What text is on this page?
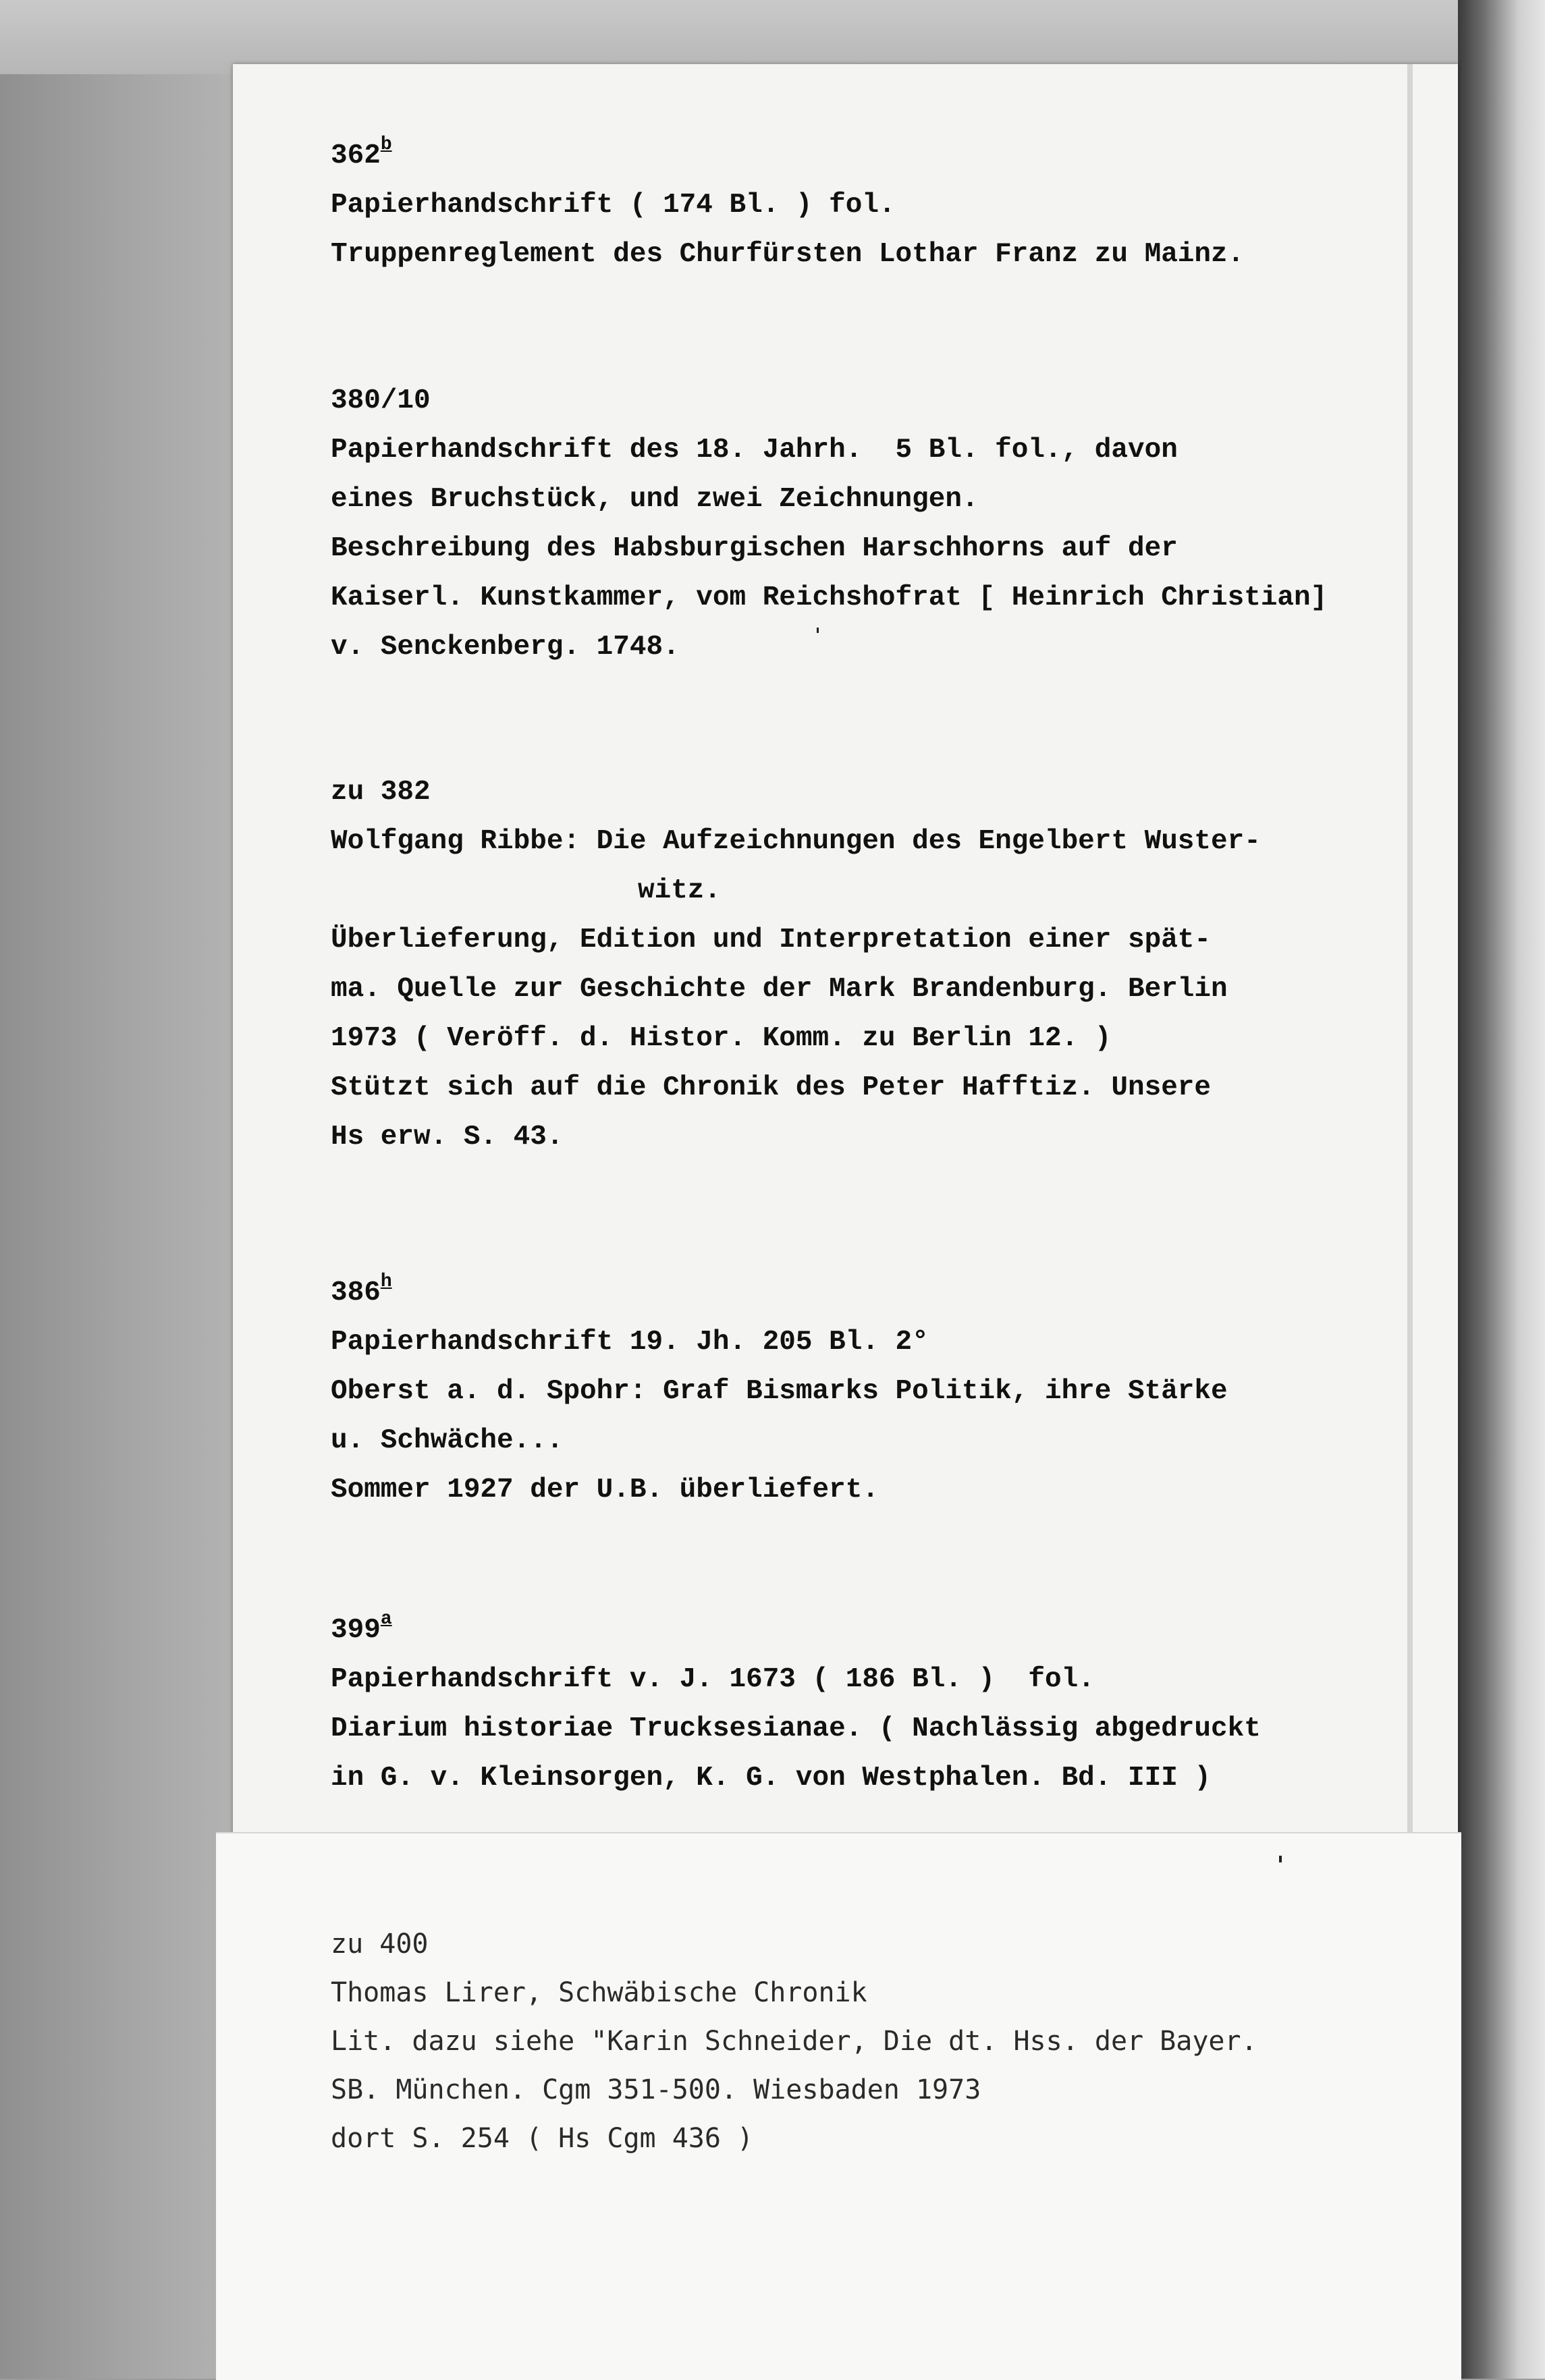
362$^b$
Papierhandschrift ( 174 Bl. ) fol.
Truppenreglement des Churfürsten Lothar Franz zu Mainz.
380/10
Papierhandschrift des 18. Jahrh.  5 Bl. fol., davon
eines Bruchstück, und zwei Zeichnungen.
Beschreibung des Habsburgischen Harschhorns auf der
Kaiserl. Kunstkammer, vom Reichshofrat [ Heinrich Christian]
v. Senckenberg. 1748.
zu 382
Wolfgang Ribbe: Die Aufzeichnungen des Engelbert Wuster-
witz.
Überlieferung, Edition und Interpretation einer spät-
ma. Quelle zur Geschichte der Mark Brandenburg. Berlin
1973 ( Veröff. d. Histor. Komm. zu Berlin 12. )
Stützt sich auf die Chronik des Peter Hafftiz. Unsere
Hs erw. S. 43.
386$^h$
Papierhandschrift 19. Jh. 205 Bl. 2°
Oberst a. d. Spohr: Graf Bismarks Politik, ihre Stärke
u. Schwäche...
Sommer 1927 der U.B. überliefert.
399$^a$
Papierhandschrift v. J. 1673 ( 186 Bl. )  fol.
Diarium historiae Trucksesianae. ( Nachlässig abgedruckt
in G. v. Kleinsorgen, K. G. von Westphalen. Bd. III )
zu 400
Thomas Lirer, Schwäbische Chronik
Lit. dazu siehe "Karin Schneider, Die dt. Hss. der Bayer.
SB. München. Cgm 351-500. Wiesbaden 1973
dort S. 254 ( Hs Cgm 436 )
